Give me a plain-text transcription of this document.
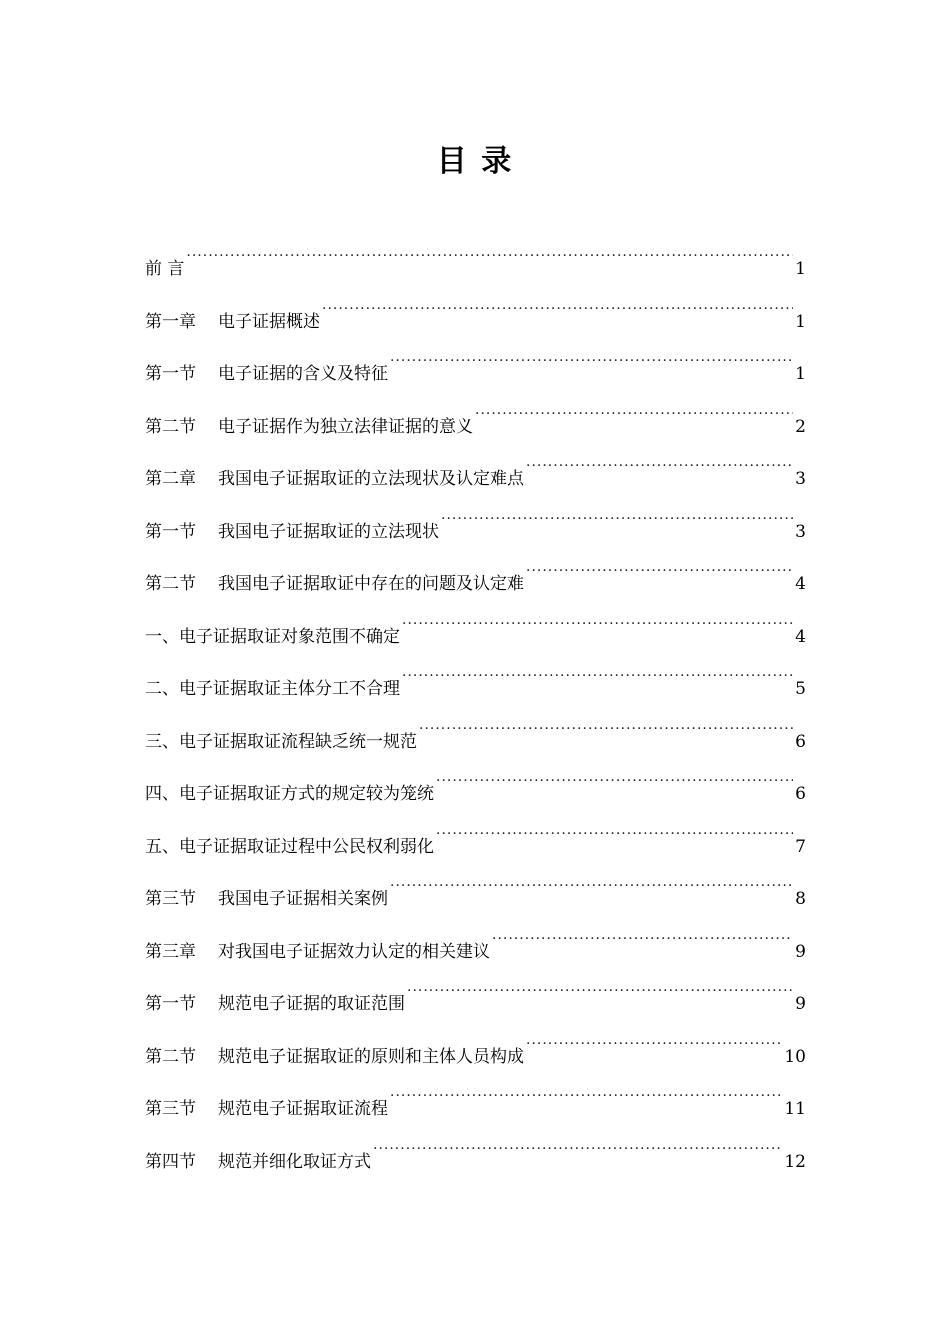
目 录
前 言 ·····	1
第一章 电子证据概述 ·····	1
第一节 电子证据的含义及特征 ·····	1
第二节 电子证据作为独立法律证据的意义 ·····	2
第二章 我国电子证据取证的立法现状及认定难点 ·····	3
第一节 我国电子证据取证的立法现状 ·····	3
第二节 我国电子证据取证中存在的问题及认定难 ·····	4
一、电子证据取证对象范围不确定 ·····	4
二、电子证据取证主体分工不合理 ·····	5
三、电子证据取证流程缺乏统一规范 ·····	6
四、电子证据取证方式的规定较为笼统 ·····	6
五、电子证据取证过程中公民权利弱化 ·····	7
第三节 我国电子证据相关案例 ·····	8
第三章 对我国电子证据效力认定的相关建议 ·····	9
第一节 规范电子证据的取证范围 ·····	9
第二节 规范电子证据取证的原则和主体人员构成 ·····	10
第三节 规范电子证据取证流程 ·····	11
第四节 规范并细化取证方式 ·····	12
